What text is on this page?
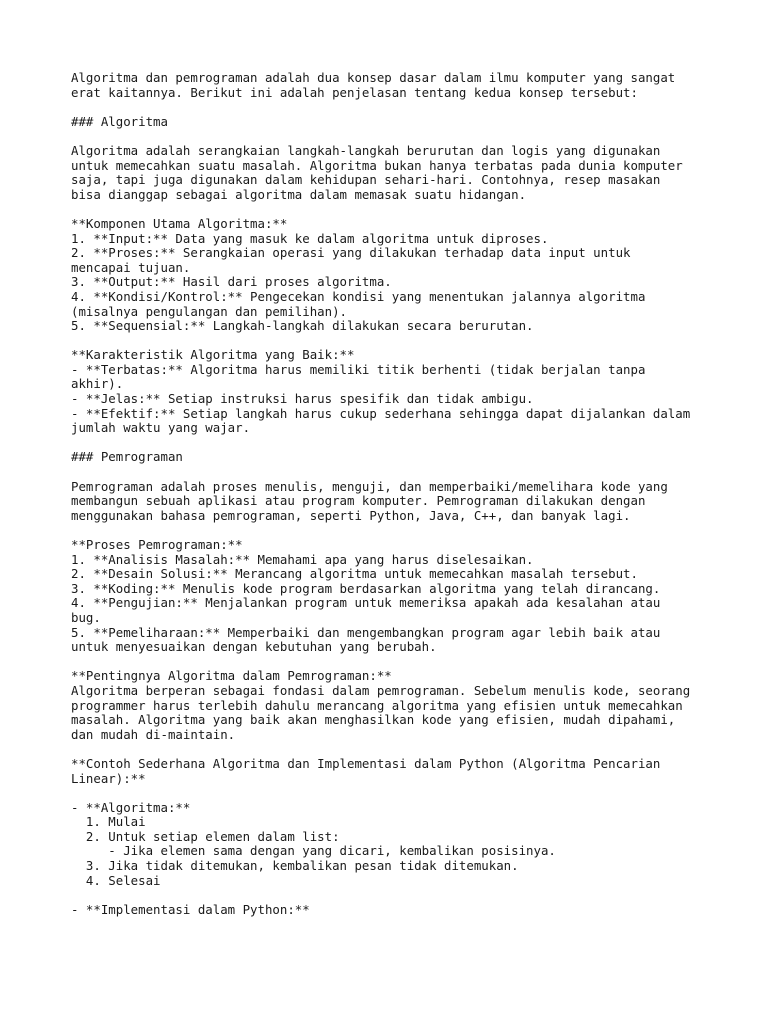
Algoritma dan pemrograman adalah dua konsep dasar dalam ilmu komputer yang sangat
erat kaitannya. Berikut ini adalah penjelasan tentang kedua konsep tersebut:
### Algoritma
Algoritma adalah serangkaian langkah-langkah berurutan dan logis yang digunakan
untuk memecahkan suatu masalah. Algoritma bukan hanya terbatas pada dunia komputer
saja, tapi juga digunakan dalam kehidupan sehari-hari. Contohnya, resep masakan
bisa dianggap sebagai algoritma dalam memasak suatu hidangan.
**Komponen Utama Algoritma:**
1. **Input:** Data yang masuk ke dalam algoritma untuk diproses.
2. **Proses:** Serangkaian operasi yang dilakukan terhadap data input untuk
mencapai tujuan.
3. **Output:** Hasil dari proses algoritma.
4. **Kondisi/Kontrol:** Pengecekan kondisi yang menentukan jalannya algoritma
(misalnya pengulangan dan pemilihan).
5. **Sequensial:** Langkah-langkah dilakukan secara berurutan.
**Karakteristik Algoritma yang Baik:**
- **Terbatas:** Algoritma harus memiliki titik berhenti (tidak berjalan tanpa
akhir).
- **Jelas:** Setiap instruksi harus spesifik dan tidak ambigu.
- **Efektif:** Setiap langkah harus cukup sederhana sehingga dapat dijalankan dalam
jumlah waktu yang wajar.
### Pemrograman
Pemrograman adalah proses menulis, menguji, dan memperbaiki/memelihara kode yang
membangun sebuah aplikasi atau program komputer. Pemrograman dilakukan dengan
menggunakan bahasa pemrograman, seperti Python, Java, C++, dan banyak lagi.
**Proses Pemrograman:**
1. **Analisis Masalah:** Memahami apa yang harus diselesaikan.
2. **Desain Solusi:** Merancang algoritma untuk memecahkan masalah tersebut.
3. **Koding:** Menulis kode program berdasarkan algoritma yang telah dirancang.
4. **Pengujian:** Menjalankan program untuk memeriksa apakah ada kesalahan atau
bug.
5. **Pemeliharaan:** Memperbaiki dan mengembangkan program agar lebih baik atau
untuk menyesuaikan dengan kebutuhan yang berubah.
**Pentingnya Algoritma dalam Pemrograman:**
Algoritma berperan sebagai fondasi dalam pemrograman. Sebelum menulis kode, seorang
programmer harus terlebih dahulu merancang algoritma yang efisien untuk memecahkan
masalah. Algoritma yang baik akan menghasilkan kode yang efisien, mudah dipahami,
dan mudah di-maintain.
**Contoh Sederhana Algoritma dan Implementasi dalam Python (Algoritma Pencarian
Linear):**
- **Algoritma:**
1. Mulai
2. Untuk setiap elemen dalam list:
- Jika elemen sama dengan yang dicari, kembalikan posisinya.
3. Jika tidak ditemukan, kembalikan pesan tidak ditemukan.
4. Selesai
- **Implementasi dalam Python:**
